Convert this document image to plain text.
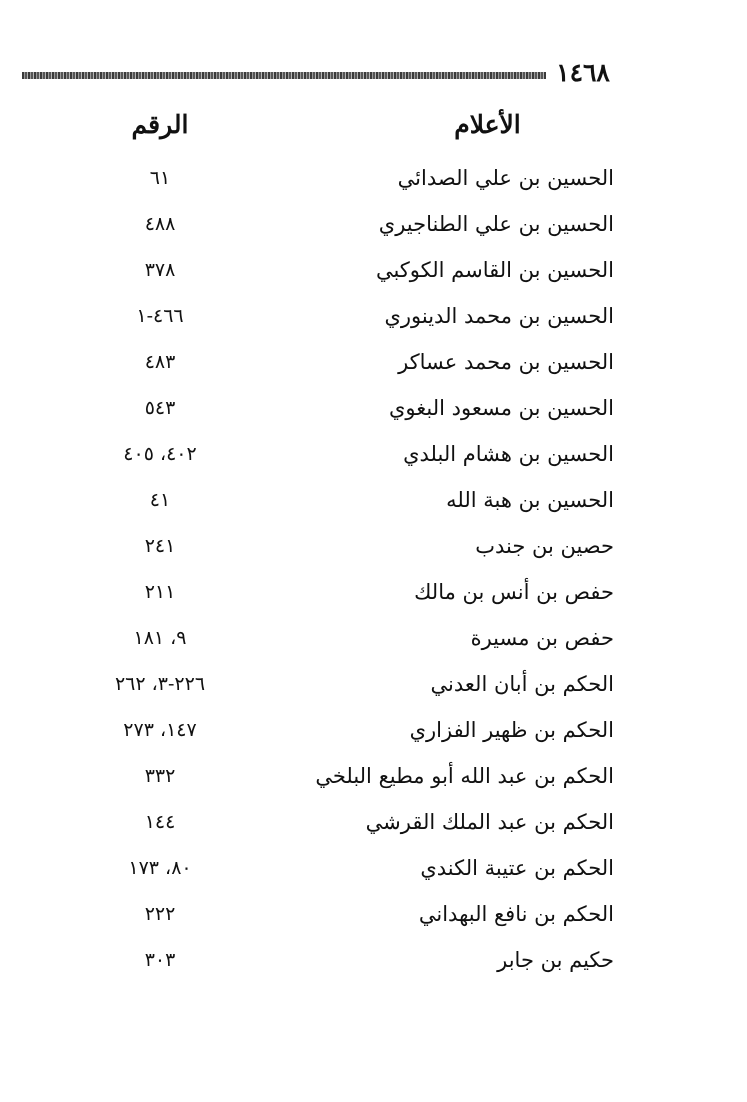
١٤٦٨
الأعلام
الرقم
الحسين بن علي الصدائي
٦١
الحسين بن علي الطناجيري
٤٨٨
الحسين بن القاسم الكوكبي
٣٧٨
الحسين بن محمد الدينوري
٤٦٦-١
الحسين بن محمد عساكر
٤٨٣
الحسين بن مسعود البغوي
٥٤٣
الحسين بن هشام البلدي
٤٠٢، ٤٠٥
الحسين بن هبة الله
٤١
حصين بن جندب
٢٤١
حفص بن أنس بن مالك
٢١١
حفص بن مسيرة
٩، ١٨١
الحكم بن أبان العدني
٢٢٦-٣، ٢٦٢
الحكم بن ظهير الفزاري
١٤٧، ٢٧٣
الحكم بن عبد الله أبو مطيع البلخي
٣٣٢
الحكم بن عبد الملك القرشي
١٤٤
الحكم بن عتيبة الكندي
٨٠، ١٧٣
الحكم بن نافع البهداني
٢٢٢
حكيم بن جابر
٣٠٣
